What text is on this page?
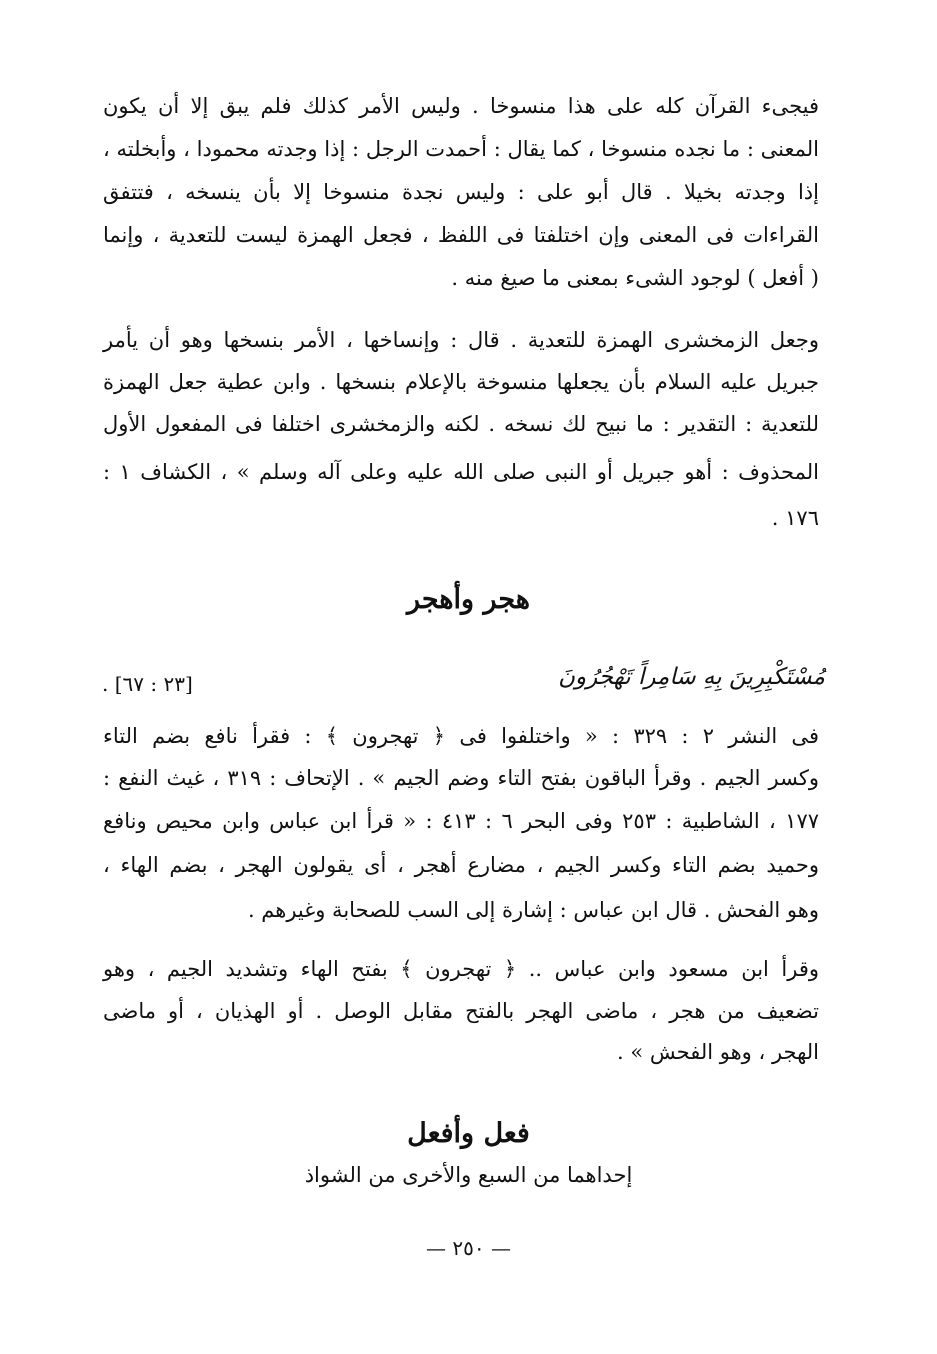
فيجىء القرآن كله على هذا منسوخا . وليس الأمر كذلك فلم يبق إلا أن يكون
المعنى : ما نجده منسوخا ، كما يقال : أحمدت الرجل : إذا وجدته محمودا ، وأبخلته ،
إذا وجدته بخيلا . قال أبو على : وليس نجدة منسوخا إلا بأن ينسخه ، فتتفق
القراءات فى المعنى وإن اختلفتا فى اللفظ ، فجعل الهمزة ليست للتعدية ، وإنما
( أفعل ) لوجود الشىء بمعنى ما صيغ منه .
وجعل الزمخشرى الهمزة للتعدية . قال : وإنساخها ، الأمر بنسخها وهو أن يأمر
جبريل عليه السلام بأن يجعلها منسوخة بالإعلام بنسخها . وابن عطية جعل الهمزة
للتعدية : التقدير : ما نبيح لك نسخه . لكنه والزمخشرى اختلفا فى المفعول الأول
المحذوف : أهو جبريل أو النبى صلى الله عليه وعلى آله وسلم » ، الكشاف ١ :
١٧٦ .
هجر وأهجر
مُسْتَكْبِرِينَ بِهِ سَامِراً تَهْجُرُونَ
[٢٣ : ٦٧] .
فى النشر ٢ : ٣٢٩ : « واختلفوا فى ﴿ تهجرون ﴾ : فقرأ نافع بضم التاء
وكسر الجيم . وقرأ الباقون بفتح التاء وضم الجيم » . الإتحاف : ٣١٩ ، غيث النفع :
١٧٧ ، الشاطبية : ٢٥٣ وفى البحر ٦ : ٤١٣ : « قرأ ابن عباس وابن محيص ونافع
وحميد بضم التاء وكسر الجيم ، مضارع أهجر ، أى يقولون الهجر ، بضم الهاء ،
وهو الفحش . قال ابن عباس : إشارة إلى السب للصحابة وغيرهم .
وقرأ ابن مسعود وابن عباس .. ﴿ تهجرون ﴾ بفتح الهاء وتشديد الجيم ، وهو
تضعيف من هجر ، ماضى الهجر بالفتح مقابل الوصل . أو الهذيان ، أو ماضى
الهجر ، وهو الفحش » .
فعل وأفعل
إحداهما من السبع والأخرى من الشواذ
— ٢٥٠ —
